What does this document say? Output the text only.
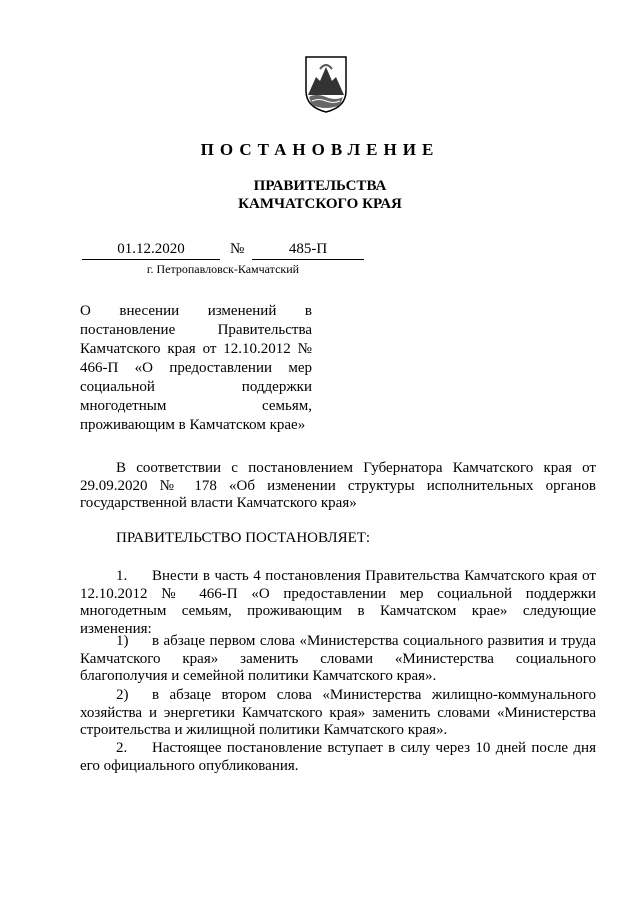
ПОСТАНОВЛЕНИЕ
ПРАВИТЕЛЬСТВА
КАМЧАТСКОГО КРАЯ
01.12.2020	№	485-П
г. Петропавловск-Камчатский

О внесении изменений в постановление Правительства Камчатского края от 12.10.2012 № 466-П «О предоставлении мер социальной поддержки многодетным семьям, проживающим в Камчатском крае»

В соответствии с постановлением Губернатора Камчатского края от 29.09.2020 № 178 «Об изменении структуры исполнительных органов государственной власти Камчатского края»

ПРАВИТЕЛЬСТВО ПОСТАНОВЛЯЕТ:

1. Внести в часть 4 постановления Правительства Камчатского края от 12.10.2012 № 466-П «О предоставлении мер социальной поддержки многодетным семьям, проживающим в Камчатском крае» следующие изменения:

1) в абзаце первом слова «Министерства социального развития и труда Камчатского края» заменить словами «Министерства социального благополучия и семейной политики Камчатского края».

2) в абзаце втором слова «Министерства жилищно-коммунального хозяйства и энергетики Камчатского края» заменить словами «Министерства строительства и жилищной политики Камчатского края».

2. Настоящее постановление вступает в силу через 10 дней после дня его официального опубликования.
